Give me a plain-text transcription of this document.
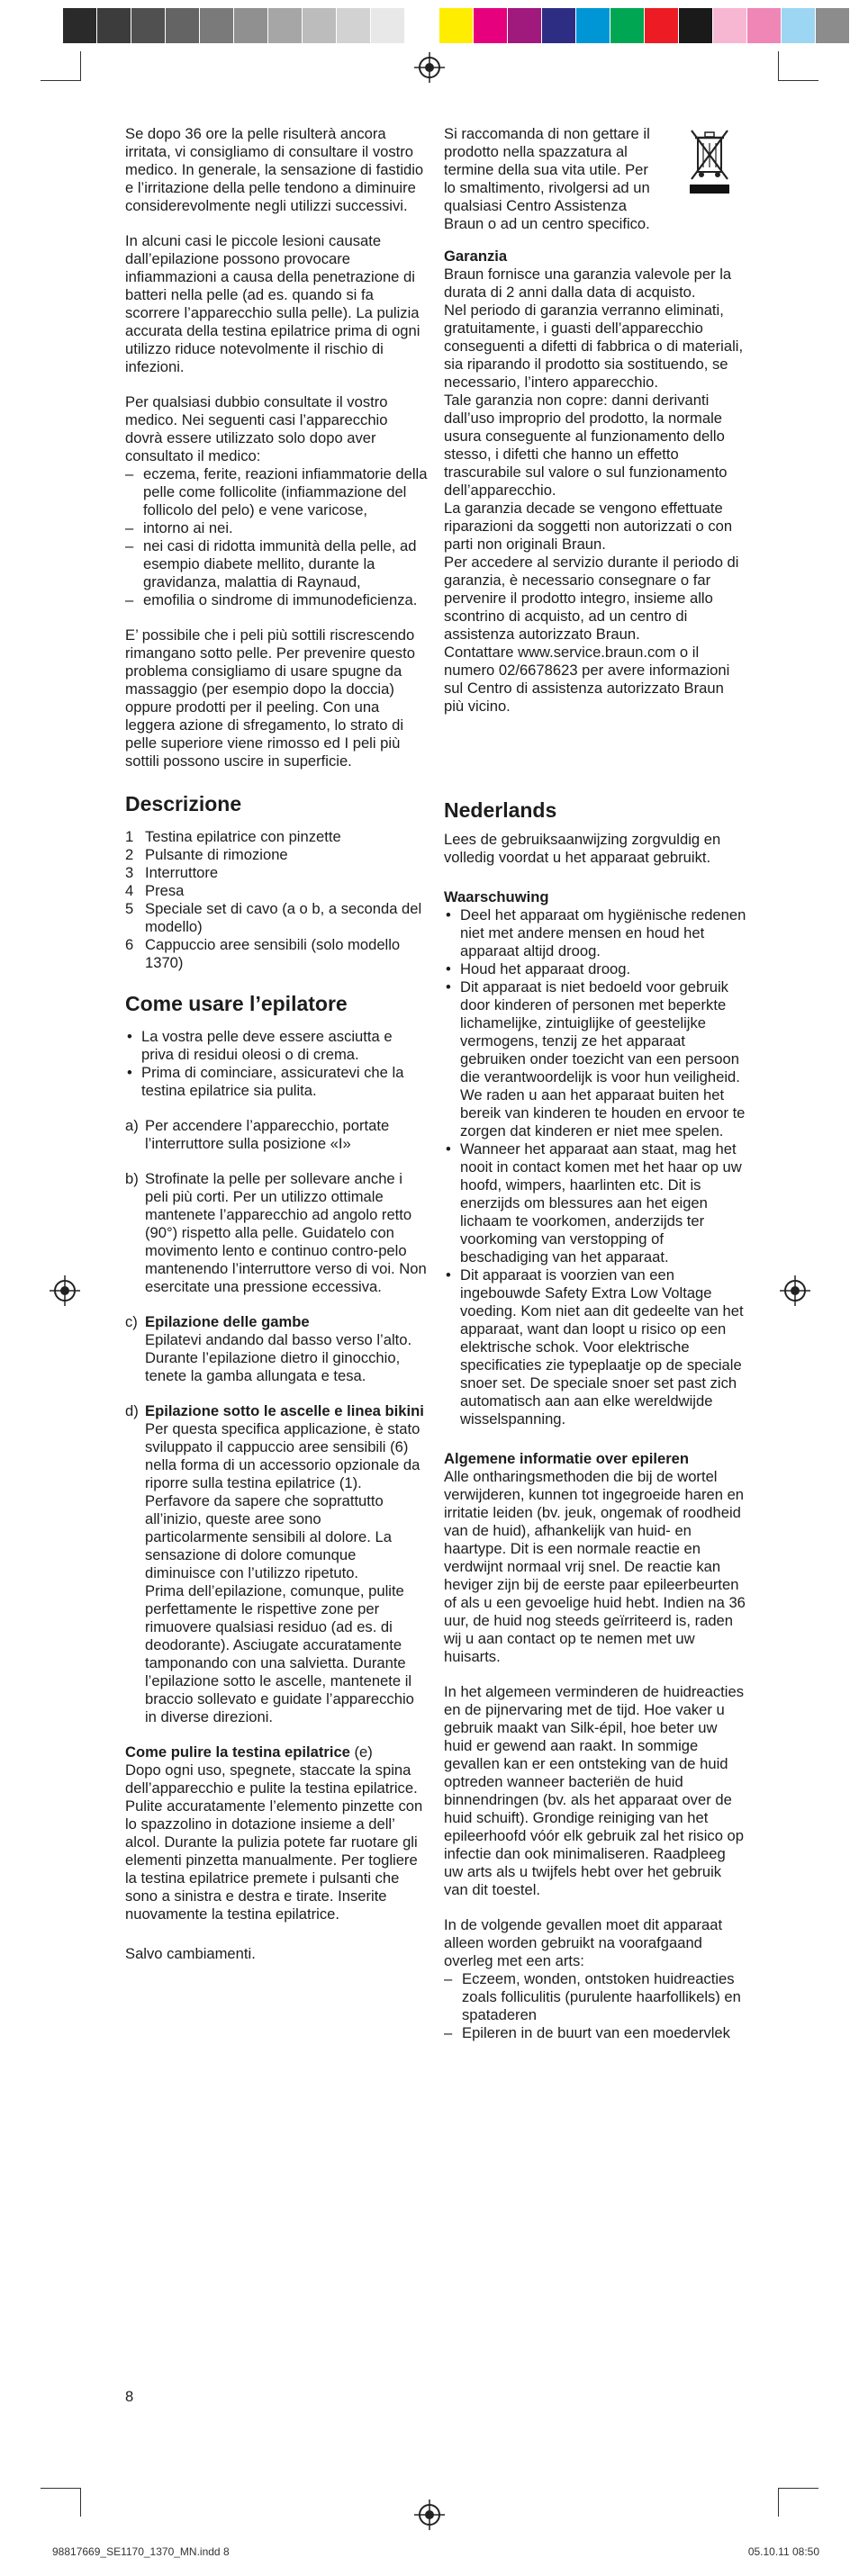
Se dopo 36 ore la pelle risulterà ancora irritata, vi consigliamo di consultare il vostro medico. In generale, la sensazione di fastidio e l’irritazione della pelle tendono a diminuire considerevolmente negli utilizzi successivi.

In alcuni casi le piccole lesioni causate dall’epilazione possono provocare infiammazioni a causa della penetrazione di batteri nella pelle (ad es. quando si fa scorrere l’apparecchio sulla pelle). La pulizia accurata della testina epilatrice prima di ogni utilizzo riduce notevolmente il rischio di infezioni.

Per qualsiasi dubbio consultate il vostro medico. Nei seguenti casi l’apparecchio dovrà essere utilizzato solo dopo aver consultato il medico:

– eczema, ferite, reazioni infiammatorie della pelle come follicolite (infiammazione del follicolo del pelo) e vene varicose,
– intorno ai nei.
– nei casi di ridotta immunità della pelle, ad esempio diabete mellito, durante la gravidanza, malattia di Raynaud,
– emofilia o sindrome di immunodeficienza.

E’ possibile che i peli più sottili riscrescendo rimangano sotto pelle. Per prevenire questo problema consigliamo di usare spugne da massaggio (per esempio dopo la doccia) oppure prodotti per il peeling. Con una leggera azione di sfregamento, lo strato di pelle superiore viene rimosso ed I peli più sottili possono uscire in superficie.

Descrizione
1 Testina epilatrice con pinzette
2 Pulsante di rimozione
3 Interruttore
4 Presa
5 Speciale set di cavo (a o b, a seconda del modello)
6 Cappuccio aree sensibili (solo modello 1370)
Come usare l’epilatore
• La vostra pelle deve essere asciutta e priva di residui oleosi o di crema.
• Prima di cominciare, assicuratevi che la testina epilatrice sia pulita.
a) Per accendere l’apparecchio, portate l’interruttore sulla posizione «I»
b) Strofinate la pelle per sollevare anche i peli più corti. Per un utilizzo ottimale mantenete l’apparecchio ad angolo retto (90°) rispetto alla pelle. Guidatelo con movimento lento e continuo contro-pelo mantenendo l’interruttore verso di voi. Non esercitate una pressione eccessiva.
c) Epilazione delle gambe
Epilatevi andando dal basso verso l’alto. Durante l’epilazione dietro il ginocchio, tenete la gamba allungata e tesa.
d) Epilazione sotto le ascelle e linea bikini
Per questa specifica applicazione, è stato sviluppato il cappuccio aree sensibili (6) nella forma di un accessorio opzionale da riporre sulla testina epilatrice (1). Perfavore da sapere che soprattutto all’inizio, queste aree sono particolarmente sensibili al dolore. La sensazione di dolore comunque diminuisce con l’utilizzo ripetuto.
Prima dell’epilazione, comunque, pulite perfettamente le rispettive zone per rimuovere qualsiasi residuo (ad es. di deodorante). Asciugate accuratamente tamponando con una salvietta. Durante l’epilazione sotto le ascelle, mantenete il braccio sollevato e guidate l’apparecchio in diverse direzioni.
Come pulire la testina epilatrice (e)
Dopo ogni uso, spegnete, staccate la spina dell’apparecchio e pulite la testina epilatrice.

Pulite accuratamente l’elemento pinzette con lo spazzolino in dotazione insieme a dell’ alcol. Durante la pulizia potete far ruotare gli elementi pinzetta manualmente. Per togliere la testina epilatrice premete i pulsanti che sono a sinistra e destra e tirate. Inserite nuovamente la testina epilatrice.

Salvo cambiamenti.

Si raccomanda di non gettare il prodotto nella spazzatura al termine della sua vita utile. Per lo smaltimento, rivolgersi ad un qualsiasi Centro Assistenza Braun o ad un centro specifico.

Garanzia
Braun fornisce una garanzia valevole per la durata di 2 anni dalla data di acquisto.
Nel periodo di garanzia verranno eliminati, gratuitamente, i guasti dell’apparecchio conseguenti a difetti di fabbrica o di materiali, sia riparando il prodotto sia sostituendo, se necessario, l’intero apparecchio.
Tale garanzia non copre: danni derivanti dall’uso improprio del prodotto, la normale usura conseguente al funzionamento dello stesso, i difetti che hanno un effetto trascurabile sul valore o sul funzionamento dell’apparecchio.
La garanzia decade se vengono effettuate riparazioni da soggetti non autorizzati o con parti non originali Braun.
Per accedere al servizio durante il periodo di garanzia, è necessario consegnare o far pervenire il prodotto integro, insieme allo scontrino di acquisto, ad un centro di assistenza autorizzato Braun.
Contattare www.service.braun.com o il numero 02/6678623 per avere informazioni sul Centro di assistenza autorizzato Braun più vicino.
Nederlands

Lees de gebruiksaanwijzing zorgvuldig en volledig voordat u het apparaat gebruikt.

Waarschuwing
• Deel het apparaat om hygiënische redenen niet met andere mensen en houd het apparaat altijd droog.
• Houd het apparaat droog.
• Dit apparaat is niet bedoeld voor gebruik door kinderen of personen met beperkte lichamelijke, zintuiglijke of geestelijke vermogens, tenzij ze het apparaat gebruiken onder toezicht van een persoon die verantwoordelijk is voor hun veiligheid. We raden u aan het apparaat buiten het bereik van kinderen te houden en ervoor te zorgen dat kinderen er niet mee spelen.
• Wanneer het apparaat aan staat, mag het nooit in contact komen met het haar op uw hoofd, wimpers, haarlinten etc. Dit is enerzijds om blessures aan het eigen lichaam te voorkomen, anderzijds ter voorkoming van verstopping of beschadiging van het apparaat.
• Dit apparaat is voorzien van een ingebouwde Safety Extra Low Voltage voeding. Kom niet aan dit gedeelte van het apparaat, want dan loopt u risico op een elektrische schok. Voor elektrische specificaties zie typeplaatje op de speciale snoer set. De speciale snoer set past zich automatisch aan aan elke wereldwijde wisselspanning.
Algemene informatie over epileren

Alle ontharingsmethoden die bij de wortel verwijderen, kunnen tot ingegroeide haren en irritatie leiden (bv. jeuk, ongemak of roodheid van de huid), afhankelijk van huid- en haartype. Dit is een normale reactie en verdwijnt normaal vrij snel. De reactie kan heviger zijn bij de eerste paar epileerbeurten of als u een gevoelige huid hebt. Indien na 36 uur, de huid nog steeds geïrriteerd is, raden wij u aan contact op te nemen met uw huisarts.

In het algemeen verminderen de huidreacties en de pijnervaring met de tijd. Hoe vaker u gebruik maakt van Silk-épil, hoe beter uw huid er gewend aan raakt. In sommige gevallen kan er een ontsteking van de huid optreden wanneer bacteriën de huid binnendringen (bv. als het apparaat over de huid schuift). Grondige reiniging van het epileerhoofd vóór elk gebruik zal het risico op infectie dan ook minimaliseren. Raadpleeg uw arts als u twijfels hebt over het gebruik van dit toestel.

In de volgende gevallen moet dit apparaat alleen worden gebruikt na voorafgaand overleg met een arts:

– Eczeem, wonden, ontstoken huidreacties zoals folliculitis (purulente haarfollikels) en spataderen
– Epileren in de buurt van een moedervlek
8
98817669_SE1170_1370_MN.indd 8	05.10.11 08:50
